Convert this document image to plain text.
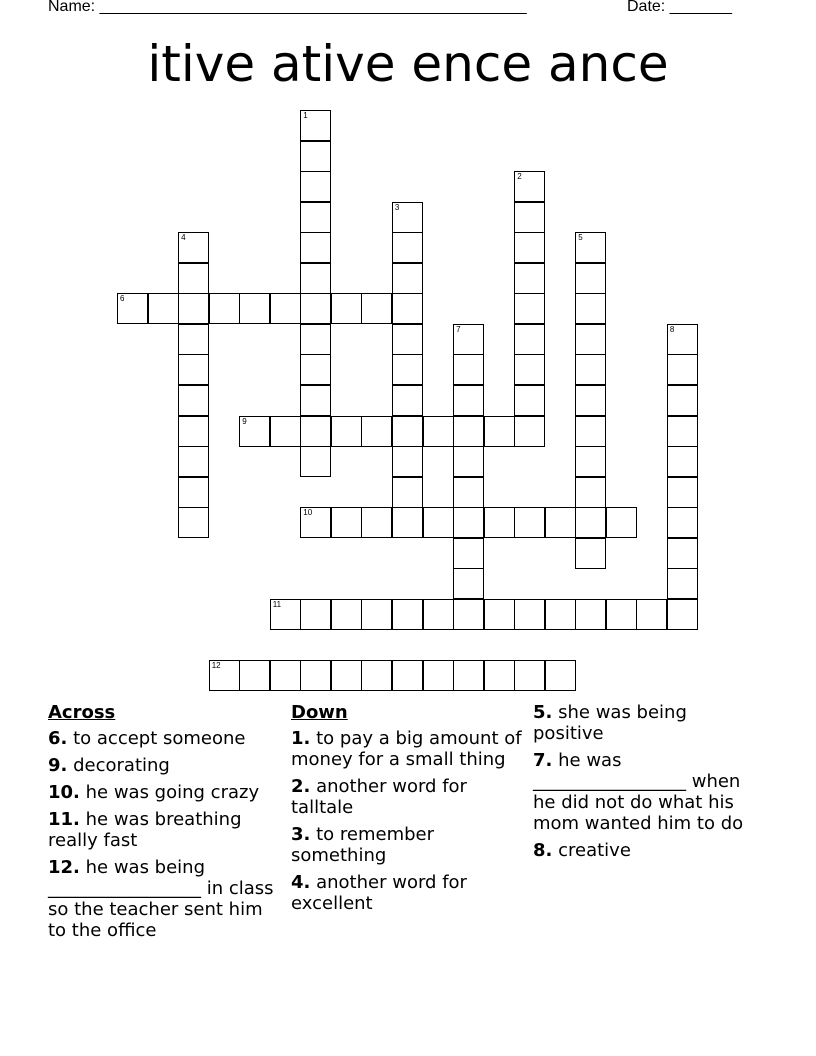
Name: ________________________________________________	Date: _______
itive ative ence ance
1
2
3
4	5
6
7	8
9
10
11
12
Across
6. to accept someone
9. decorating
10. he was going crazy
11. he was breathing really fast
12. he was being _________________ in class so the teacher sent him to the office
Down
1. to pay a big amount of money for a small thing
2. another word for talltale
3. to remember something
4. another word for excellent
5. she was being positive
7. he was _________________ when he did not do what his mom wanted him to do
8. creative
